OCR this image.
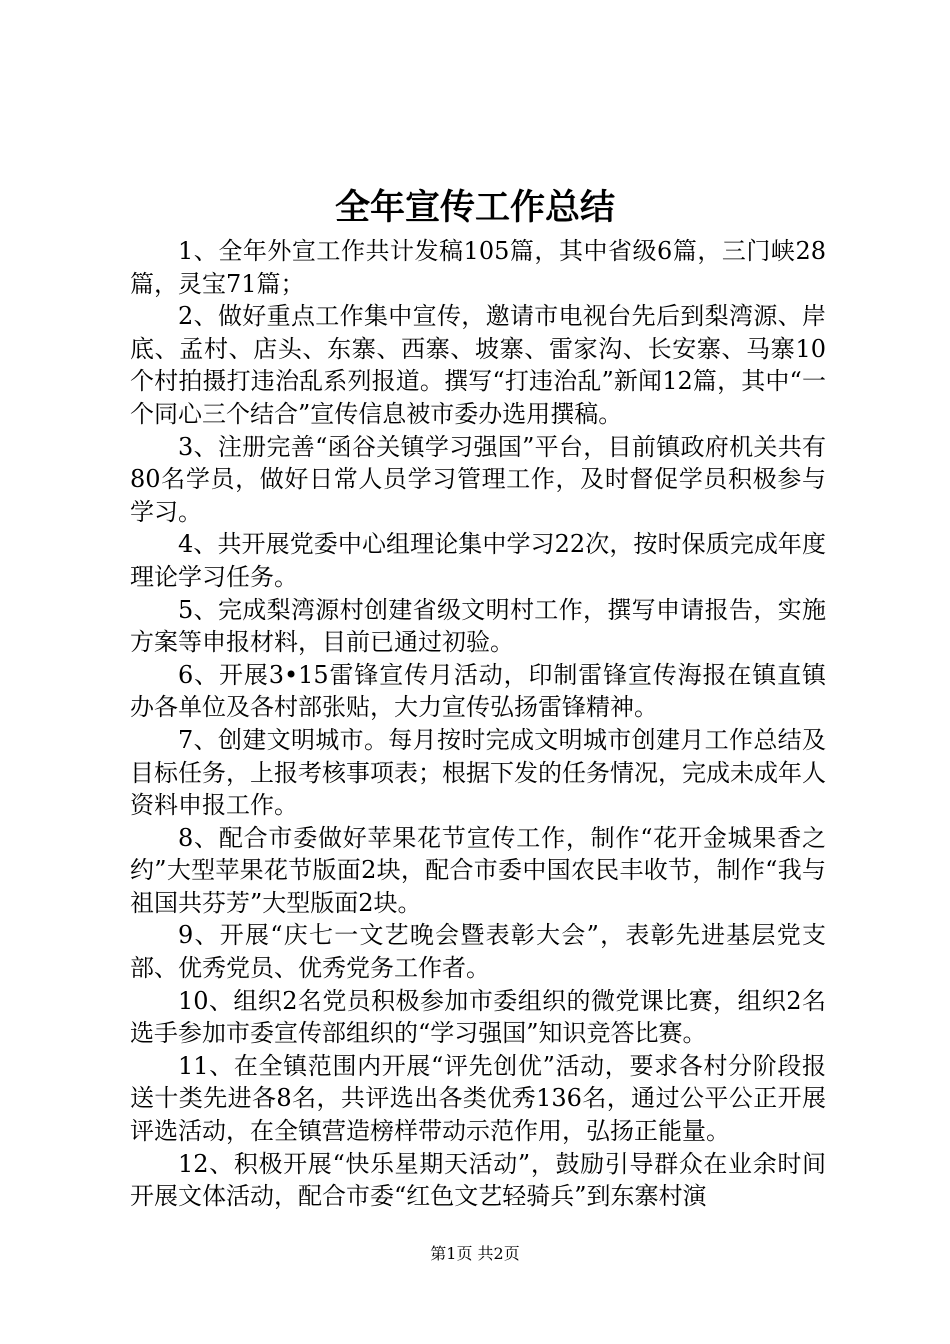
全年宣传工作总结

1、全年外宣工作共计发稿105篇，其中省级6篇，三门峡28篇，灵宝71篇；

2、做好重点工作集中宣传，邀请市电视台先后到梨湾源、岸底、孟村、店头、东寨、西寨、坡寨、雷家沟、长安寨、马寨10个村拍摄打违治乱系列报道。撰写“打违治乱”新闻12篇，其中“一个同心三个结合”宣传信息被市委办选用撰稿。

3、注册完善“函谷关镇学习强国”平台，目前镇政府机关共有80名学员，做好日常人员学习管理工作，及时督促学员积极参与学习。

4、共开展党委中心组理论集中学习22次，按时保质完成年度理论学习任务。

5、完成梨湾源村创建省级文明村工作，撰写申请报告，实施方案等申报材料，目前已通过初验。

6、开展3•15雷锋宣传月活动，印制雷锋宣传海报在镇直镇办各单位及各村部张贴，大力宣传弘扬雷锋精神。

7、创建文明城市。每月按时完成文明城市创建月工作总结及目标任务，上报考核事项表；根据下发的任务情况，完成未成年人资料申报工作。

8、配合市委做好苹果花节宣传工作，制作“花开金城果香之约”大型苹果花节版面2块，配合市委中国农民丰收节，制作“我与祖国共芬芳”大型版面2块。

9、开展“庆七一文艺晚会暨表彰大会”，表彰先进基层党支部、优秀党员、优秀党务工作者。

10、组织2名党员积极参加市委组织的微党课比赛，组织2名选手参加市委宣传部组织的“学习强国”知识竞答比赛。

11、在全镇范围内开展“评先创优”活动，要求各村分阶段报送十类先进各8名，共评选出各类优秀136名，通过公平公正开展评选活动，在全镇营造榜样带动示范作用，弘扬正能量。

12、积极开展“快乐星期天活动”，鼓励引导群众在业余时间开展文体活动，配合市委“红色文艺轻骑兵”到东寨村演

第1页 共2页
